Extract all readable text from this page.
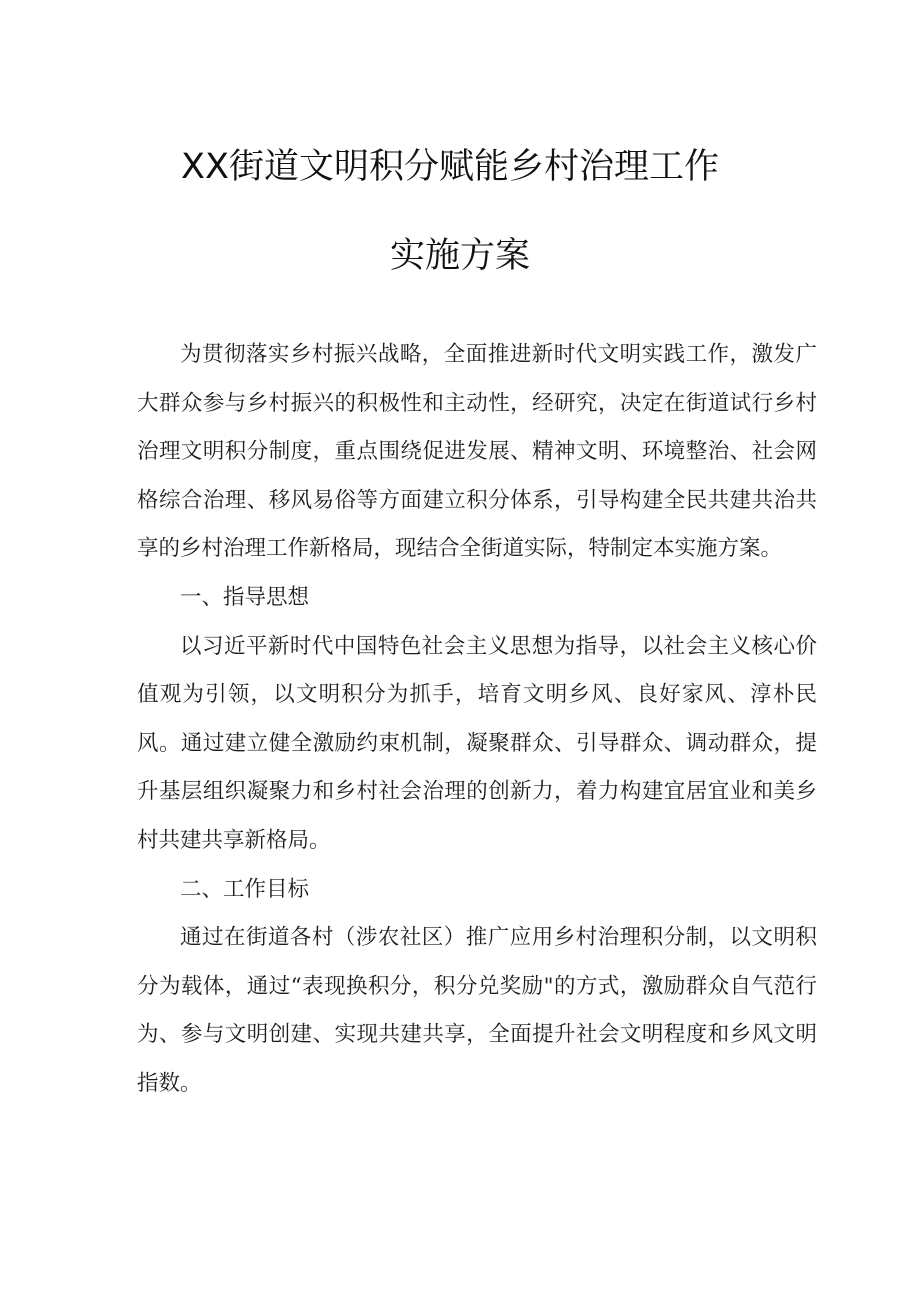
XX街道文明积分赋能乡村治理工作
实施方案

为贯彻落实乡村振兴战略，全面推进新时代文明实践工作，激发广大群众参与乡村振兴的积极性和主动性，经研究，决定在街道试行乡村治理文明积分制度，重点围绕促进发展、精神文明、环境整治、社会网格综合治理、移风易俗等方面建立积分体系，引导构建全民共建共治共享的乡村治理工作新格局，现结合全街道实际，特制定本实施方案。

一、指导思想

以习近平新时代中国特色社会主义思想为指导，以社会主义核心价值观为引领，以文明积分为抓手，培育文明乡风、良好家风、淳朴民风。通过建立健全激励约束机制，凝聚群众、引导群众、调动群众，提升基层组织凝聚力和乡村社会治理的创新力，着力构建宜居宜业和美乡村共建共享新格局。

二、工作目标

通过在街道各村（涉农社区）推广应用乡村治理积分制，以文明积分为载体，通过“表现换积分，积分兑奖励"的方式，激励群众自气范行为、参与文明创建、实现共建共享，全面提升社会文明程度和乡风文明指数。
